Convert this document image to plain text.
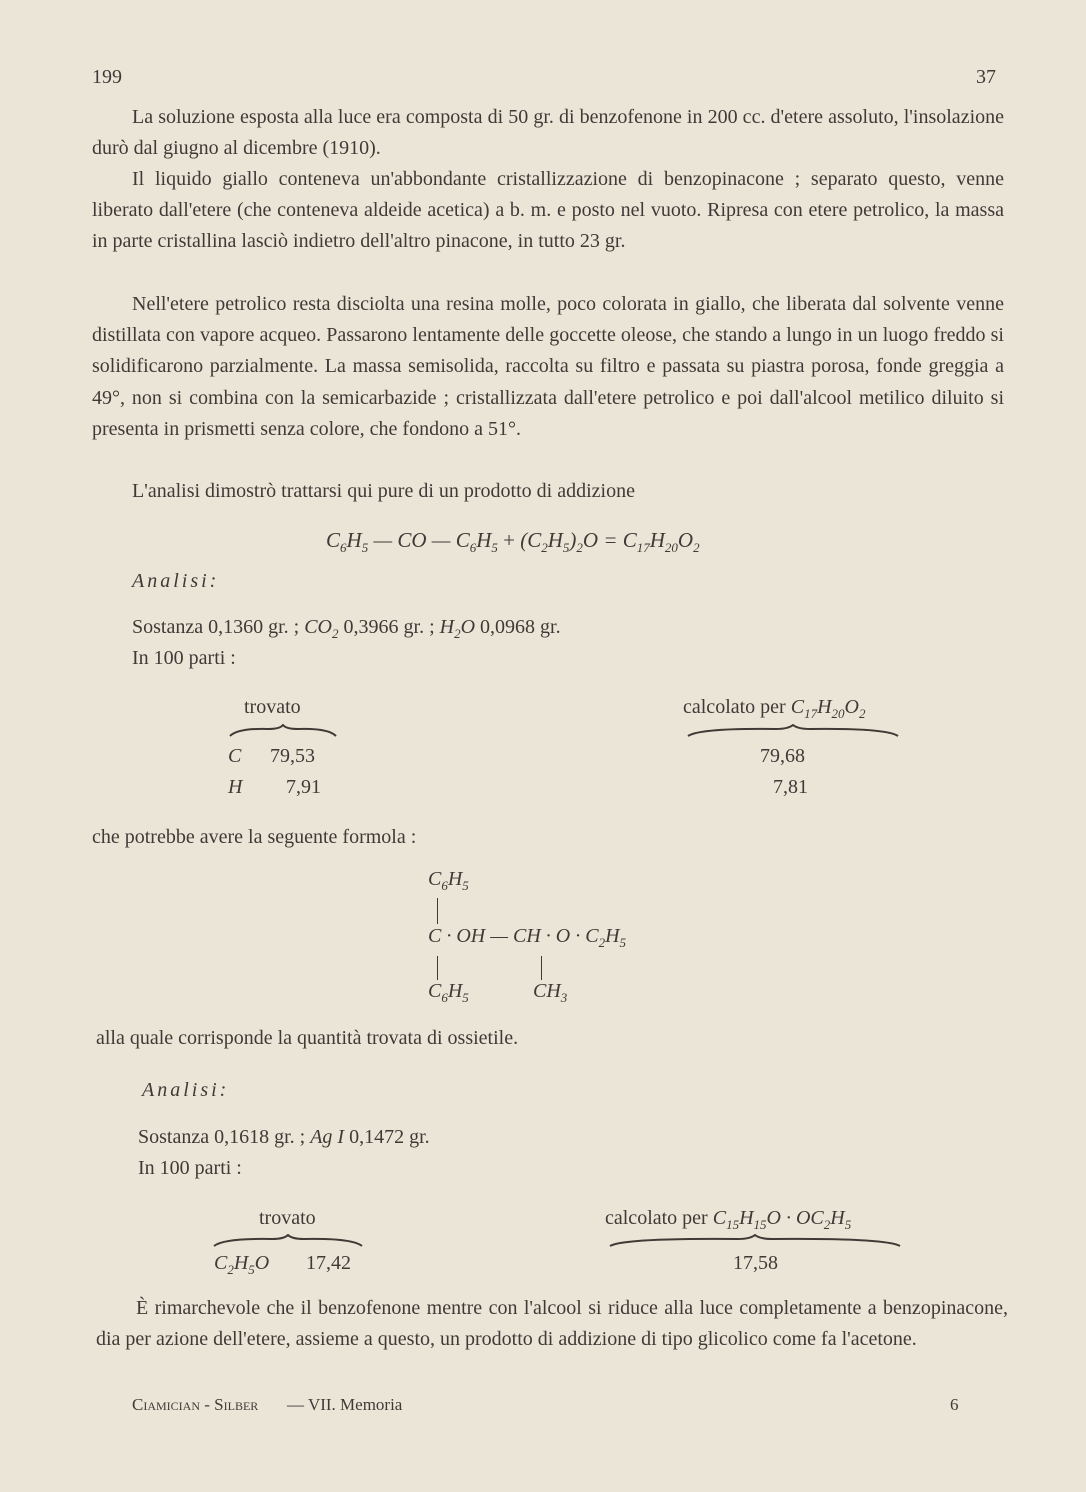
199	37
La soluzione esposta alla luce era composta di 50 gr. di benzofenone in 200 cc. d'etere assoluto, l'insolazione durò dal giugno al dicembre (1910).
Il liquido giallo conteneva un'abbondante cristallizzazione di benzopinacone ; separato questo, venne liberato dall'etere (che conteneva aldeide acetica) a b. m. e posto nel vuoto. Ripresa con etere petrolico, la massa in parte cristallina lasciò indietro dell'altro pinacone, in tutto 23 gr.
Nell'etere petrolico resta disciolta una resina molle, poco colorata in giallo, che liberata dal solvente venne distillata con vapore acqueo. Passarono lentamente delle goccette oleose, che stando a lungo in un luogo freddo si solidificarono parzialmente. La massa semisolida, raccolta su filtro e passata su piastra porosa, fonde greggia a 49°, non si combina con la semicarbazide ; cristallizzata dall'etere petrolico e poi dall'alcool metilico diluito si presenta in prismetti senza colore, che fondono a 51°.
L'analisi dimostrò trattarsi qui pure di un prodotto di addizione
$C_6H_5$ — CO — $C_6H_5 + (C_2H_5)_2O = C_{17}H_{20}O_2$
Analisi:
Sostanza 0,1360 gr. ; $CO_2$ 0,3966 gr. ; $H_2O$ 0,0968 gr.
In 100 parti :
trovato	calcolato per $C_{17}H_{20}O_2$
C 79,53	79,68
H 7,91	7,81
che potrebbe avere la seguente formola :
$C_6H_5$
C · OH — CH · $O \cdot C_2H_5$
$C_6H_5$	$CH_3$
alla quale corrisponde la quantità trovata di ossietile.
Analisi:
Sostanza 0,1618 gr. ; Ag I 0,1472 gr.
In 100 parti :
trovato	calcolato per $C_{15}H_{15}O \cdot OC_2H_5$
$C_2H_5O$ 17,42	17,58
È rimarchevole che il benzofenone mentre con l'alcool si riduce alla luce completamente a benzopinacone, dia per azione dell'etere, assieme a questo, un prodotto di addizione di tipo glicolico come fa l'acetone.
Ciamician - Silber — VII. Memoria	6
